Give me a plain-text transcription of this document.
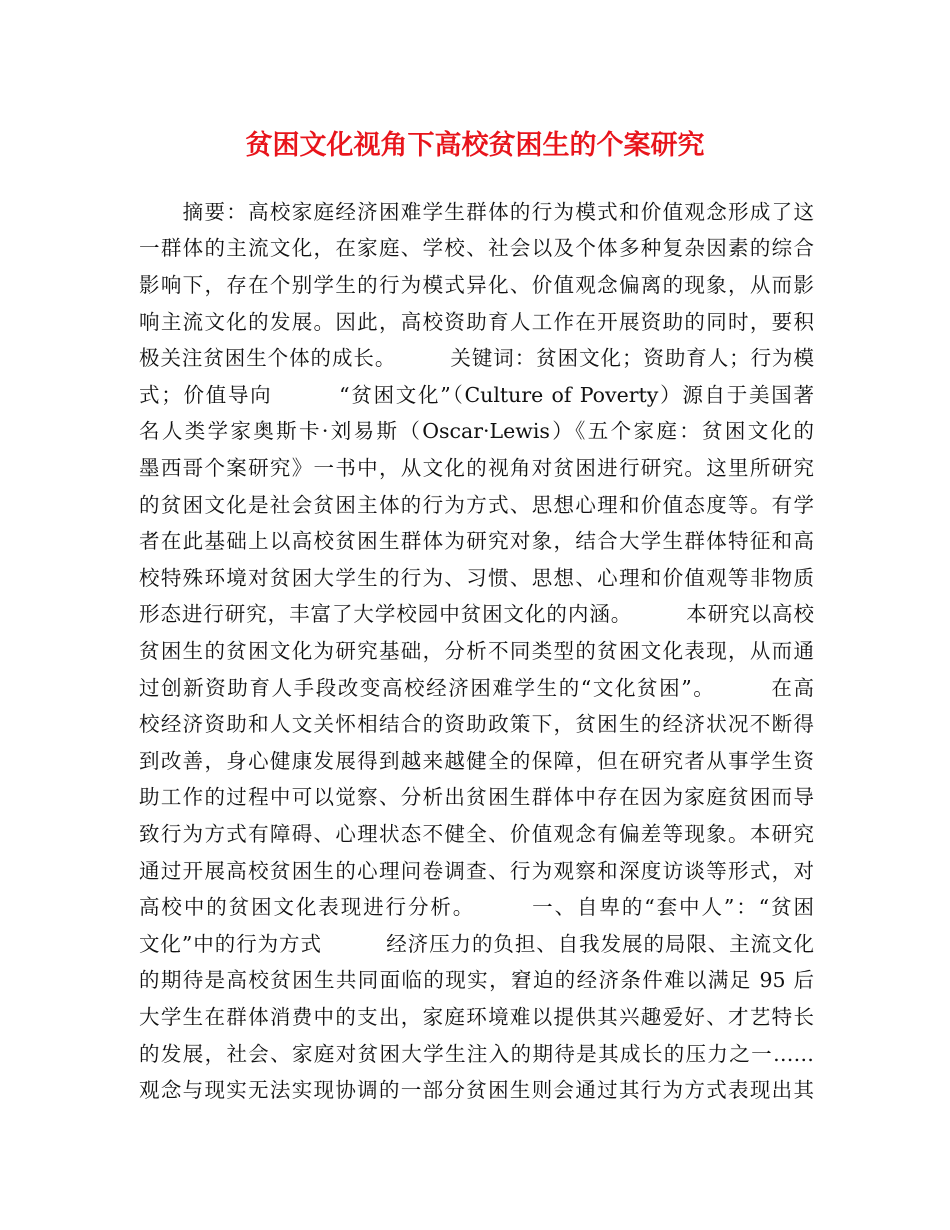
贫困文化视角下高校贫困生的个案研究
　　摘要：高校家庭经济困难学生群体的行为模式和价值观念形成了这
一群体的主流文化，在家庭、学校、社会以及个体多种复杂因素的综合
影响下，存在个别学生的行为模式异化、价值观念偏离的现象，从而影
响主流文化的发展。因此，高校资助育人工作在开展资助的同时，要积
极关注贫困生个体的成长。　　　关键词：贫困文化；资助育人；行为模
式；价值导向　　　“贫困文化”（Culture of Poverty）源自于美国著
名人类学家奥斯卡·刘易斯（Oscar·Lewis）《五个家庭：贫困文化的
墨西哥个案研究》一书中，从文化的视角对贫困进行研究。这里所研究
的贫困文化是社会贫困主体的行为方式、思想心理和价值态度等。有学
者在此基础上以高校贫困生群体为研究对象，结合大学生群体特征和高
校特殊环境对贫困大学生的行为、习惯、思想、心理和价值观等非物质
形态进行研究，丰富了大学校园中贫困文化的内涵。　　　本研究以高校
贫困生的贫困文化为研究基础，分析不同类型的贫困文化表现，从而通
过创新资助育人手段改变高校经济困难学生的“文化贫困”。　　　在高
校经济资助和人文关怀相结合的资助政策下，贫困生的经济状况不断得
到改善，身心健康发展得到越来越健全的保障，但在研究者从事学生资
助工作的过程中可以觉察、分析出贫困生群体中存在因为家庭贫困而导
致行为方式有障碍、心理状态不健全、价值观念有偏差等现象。本研究
通过开展高校贫困生的心理问卷调查、行为观察和深度访谈等形式，对
高校中的贫困文化表现进行分析。　　　一、自卑的“套中人”：“贫困
文化”中的行为方式　　　经济压力的负担、自我发展的局限、主流文化
的期待是高校贫困生共同面临的现实，窘迫的经济条件难以满足 95 后
大学生在群体消费中的支出，家庭环境难以提供其兴趣爱好、才艺特长
的发展，社会、家庭对贫困大学生注入的期待是其成长的压力之一……
观念与现实无法实现协调的一部分贫困生则会通过其行为方式表现出其
